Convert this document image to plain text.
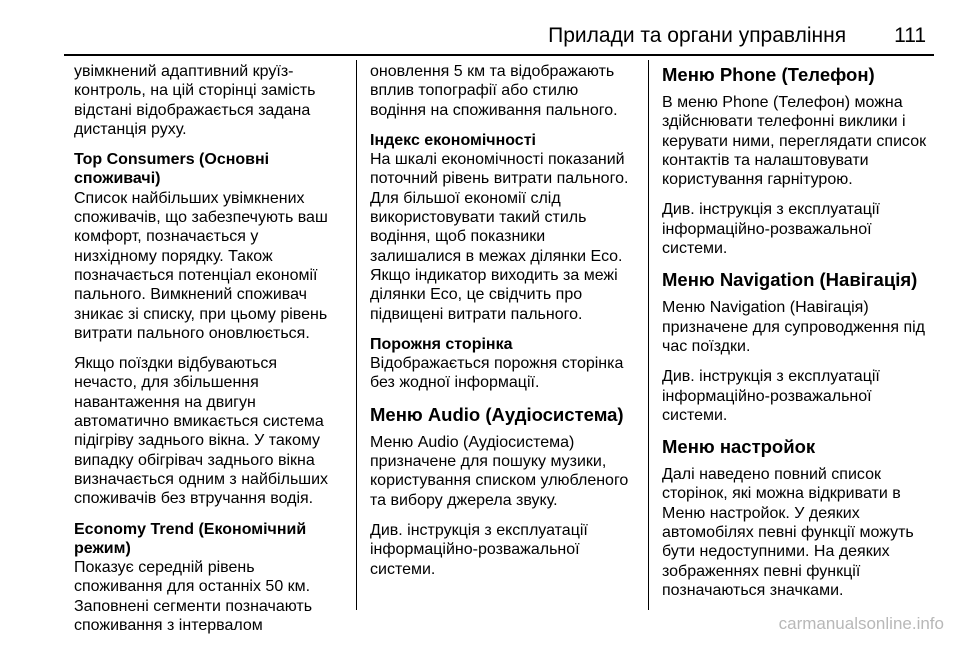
Прилади та органи управління 111
увімкнений адаптивний круїз-
контроль, на цій сторінці замість
відстані відображається задана
дистанція руху.
Top Consumers (Основні
споживачі)
Список найбільших увімкнених
споживачів, що забезпечують ваш
комфорт, позначається у
низхідному порядку. Також
позначається потенціал економії
пального. Вимкнений споживач
зникає зі списку, при цьому рівень
витрати пального оновлюється.
Якщо поїздки відбуваються
нечасто, для збільшення
навантаження на двигун
автоматично вмикається система
підігріву заднього вікна. У такому
випадку обігрівач заднього вікна
визначається одним з найбільших
споживачів без втручання водія.
Economy Trend (Економічний
режим)
Показує середній рівень
споживання для останніх 50 км.
Заповнені сегменти позначають
споживання з інтервалом
оновлення 5 км та відображають
вплив топографії або стилю
водіння на споживання пального.
Індекс економічності
На шкалі економічності показаний
поточний рівень витрати пального.
Для більшої економії слід
використовувати такий стиль
водіння, щоб показники
залишалися в межах ділянки Eco.
Якщо індикатор виходить за межі
ділянки Eco, це свідчить про
підвищені витрати пального.
Порожня сторінка
Відображається порожня сторінка
без жодної інформації.
Меню Audio (Аудіосистема)
Меню Audio (Аудіосистема)
призначене для пошуку музики,
користування списком улюбленого
та вибору джерела звуку.
Див. інструкція з експлуатації
інформаційно-розважальної
системи.
Меню Phone (Телефон)
В меню Phone (Телефон) можна
здійснювати телефонні виклики і
керувати ними, переглядати список
контактів та налаштовувати
користування гарнітурою.
Див. інструкція з експлуатації
інформаційно-розважальної
системи.
Меню Navigation (Навігація)
Меню Navigation (Навігація)
призначене для супроводження під
час поїздки.
Див. інструкція з експлуатації
інформаційно-розважальної
системи.
Меню настройок
Далі наведено повний список
сторінок, які можна відкривати в
Меню настройок. У деяких
автомобілях певні функції можуть
бути недоступними. На деяких
зображеннях певні функції
позначаються значками.
carmanualsonline.info
